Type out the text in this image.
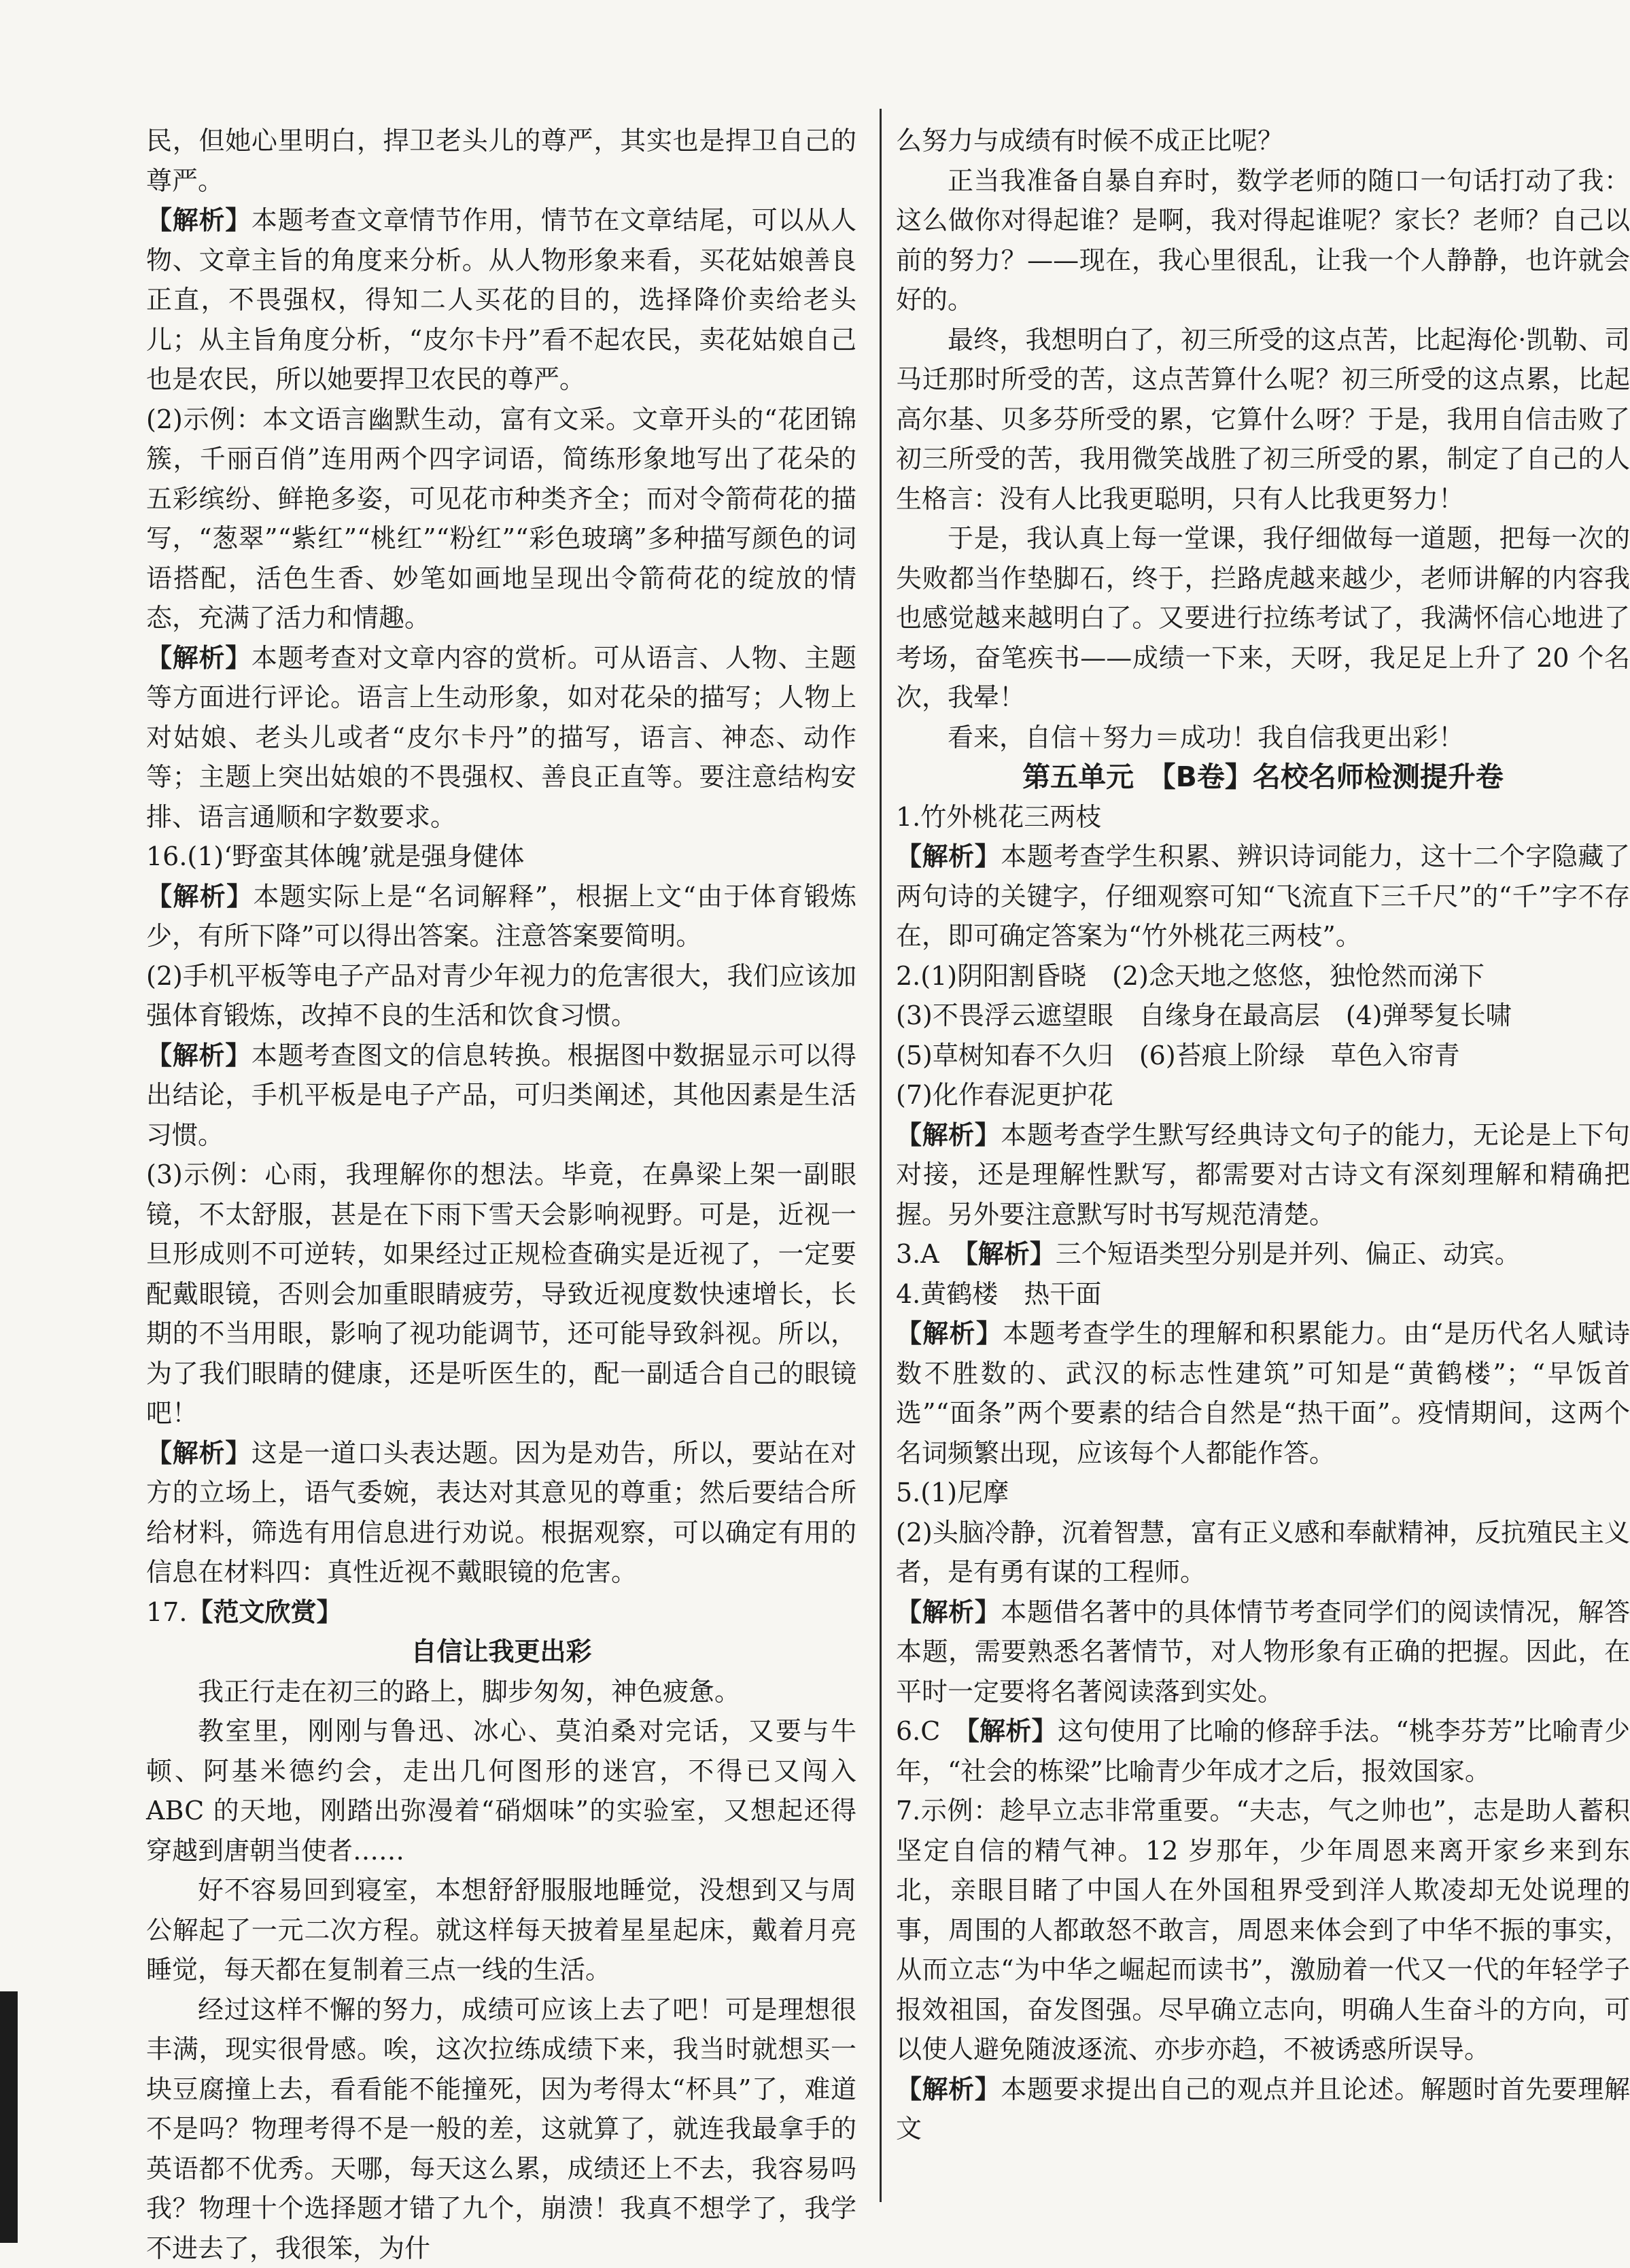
民，但她心里明白，捍卫老头儿的尊严，其实也是捍卫自己的尊严。

【解析】本题考查文章情节作用，情节在文章结尾，可以从人物、文章主旨的角度来分析。从人物形象来看，买花姑娘善良正直，不畏强权，得知二人买花的目的，选择降价卖给老头儿；从主旨角度分析，“皮尔卡丹”看不起农民，卖花姑娘自己也是农民，所以她要捍卫农民的尊严。

(2)示例：本文语言幽默生动，富有文采。文章开头的“花团锦簇，千丽百俏”连用两个四字词语，简练形象地写出了花朵的五彩缤纷、鲜艳多姿，可见花市种类齐全；而对令箭荷花的描写，“葱翠”“紫红”“桃红”“粉红”“彩色玻璃”多种描写颜色的词语搭配，活色生香、妙笔如画地呈现出令箭荷花的绽放的情态，充满了活力和情趣。

【解析】本题考查对文章内容的赏析。可从语言、人物、主题等方面进行评论。语言上生动形象，如对花朵的描写；人物上对姑娘、老头儿或者“皮尔卡丹”的描写，语言、神态、动作等；主题上突出姑娘的不畏强权、善良正直等。要注意结构安排、语言通顺和字数要求。

16.(1)‘野蛮其体魄’就是强身健体

【解析】本题实际上是“名词解释”，根据上文“由于体育锻炼少，有所下降”可以得出答案。注意答案要简明。

(2)手机平板等电子产品对青少年视力的危害很大，我们应该加强体育锻炼，改掉不良的生活和饮食习惯。

【解析】本题考查图文的信息转换。根据图中数据显示可以得出结论，手机平板是电子产品，可归类阐述，其他因素是生活习惯。

(3)示例：心雨，我理解你的想法。毕竟，在鼻梁上架一副眼镜，不太舒服，甚是在下雨下雪天会影响视野。可是，近视一旦形成则不可逆转，如果经过正规检查确实是近视了，一定要配戴眼镜，否则会加重眼睛疲劳，导致近视度数快速增长，长期的不当用眼，影响了视功能调节，还可能导致斜视。所以，为了我们眼睛的健康，还是听医生的，配一副适合自己的眼镜吧！

【解析】这是一道口头表达题。因为是劝告，所以，要站在对方的立场上，语气委婉，表达对其意见的尊重；然后要结合所给材料，筛选有用信息进行劝说。根据观察，可以确定有用的信息在材料四：真性近视不戴眼镜的危害。

17.【范文欣赏】

自信让我更出彩

我正行走在初三的路上，脚步匆匆，神色疲惫。

教室里，刚刚与鲁迅、冰心、莫泊桑对完话，又要与牛顿、阿基米德约会，走出几何图形的迷宫，不得已又闯入 ABC 的天地，刚踏出弥漫着“硝烟味”的实验室，又想起还得穿越到唐朝当使者……

好不容易回到寝室，本想舒舒服服地睡觉，没想到又与周公解起了一元二次方程。就这样每天披着星星起床，戴着月亮睡觉，每天都在复制着三点一线的生活。

经过这样不懈的努力，成绩可应该上去了吧！可是理想很丰满，现实很骨感。唉，这次拉练成绩下来，我当时就想买一块豆腐撞上去，看看能不能撞死，因为考得太“杯具”了，难道不是吗？物理考得不是一般的差，这就算了，就连我最拿手的英语都不优秀。天哪，每天这么累，成绩还上不去，我容易吗我？物理十个选择题才错了九个，崩溃！我真不想学了，我学不进去了，我很笨，为什

么努力与成绩有时候不成正比呢？

正当我准备自暴自弃时，数学老师的随口一句话打动了我：这么做你对得起谁？是啊，我对得起谁呢？家长？老师？自己以前的努力？——现在，我心里很乱，让我一个人静静，也许就会好的。

最终，我想明白了，初三所受的这点苦，比起海伦·凯勒、司马迁那时所受的苦，这点苦算什么呢？初三所受的这点累，比起高尔基、贝多芬所受的累，它算什么呀？于是，我用自信击败了初三所受的苦，我用微笑战胜了初三所受的累，制定了自己的人生格言：没有人比我更聪明，只有人比我更努力！

于是，我认真上每一堂课，我仔细做每一道题，把每一次的失败都当作垫脚石，终于，拦路虎越来越少，老师讲解的内容我也感觉越来越明白了。又要进行拉练考试了，我满怀信心地进了考场，奋笔疾书——成绩一下来，天呀，我足足上升了 20 个名次，我晕！

看来，自信＋努力＝成功！我自信我更出彩！

第五单元　【B卷】名校名师检测提升卷

1.竹外桃花三两枝

【解析】本题考查学生积累、辨识诗词能力，这十二个字隐藏了两句诗的关键字，仔细观察可知“飞流直下三千尺”的“千”字不存在，即可确定答案为“竹外桃花三两枝”。

2.(1)阴阳割昏晓　(2)念天地之悠悠，独怆然而涕下

(3)不畏浮云遮望眼　自缘身在最高层　(4)弹琴复长啸

(5)草树知春不久归　(6)苔痕上阶绿　草色入帘青

(7)化作春泥更护花

【解析】本题考查学生默写经典诗文句子的能力，无论是上下句对接，还是理解性默写，都需要对古诗文有深刻理解和精确把握。另外要注意默写时书写规范清楚。

3.A　【解析】三个短语类型分别是并列、偏正、动宾。

4.黄鹤楼　热干面

【解析】本题考查学生的理解和积累能力。由“是历代名人赋诗数不胜数的、武汉的标志性建筑”可知是“黄鹤楼”；“早饭首选”“面条”两个要素的结合自然是“热干面”。疫情期间，这两个名词频繁出现，应该每个人都能作答。

5.(1)尼摩

(2)头脑冷静，沉着智慧，富有正义感和奉献精神，反抗殖民主义者，是有勇有谋的工程师。

【解析】本题借名著中的具体情节考查同学们的阅读情况，解答本题，需要熟悉名著情节，对人物形象有正确的把握。因此，在平时一定要将名著阅读落到实处。

6.C　【解析】这句使用了比喻的修辞手法。“桃李芬芳”比喻青少年，“社会的栋梁”比喻青少年成才之后，报效国家。

7.示例：趁早立志非常重要。“夫志，气之帅也”，志是助人蓄积坚定自信的精气神。12 岁那年，少年周恩来离开家乡来到东北，亲眼目睹了中国人在外国租界受到洋人欺凌却无处说理的事，周围的人都敢怒不敢言，周恩来体会到了中华不振的事实，从而立志“为中华之崛起而读书”，激励着一代又一代的年轻学子报效祖国，奋发图强。尽早确立志向，明确人生奋斗的方向，可以使人避免随波逐流、亦步亦趋，不被诱惑所误导。

【解析】本题要求提出自己的观点并且论述。解题时首先要理解文
